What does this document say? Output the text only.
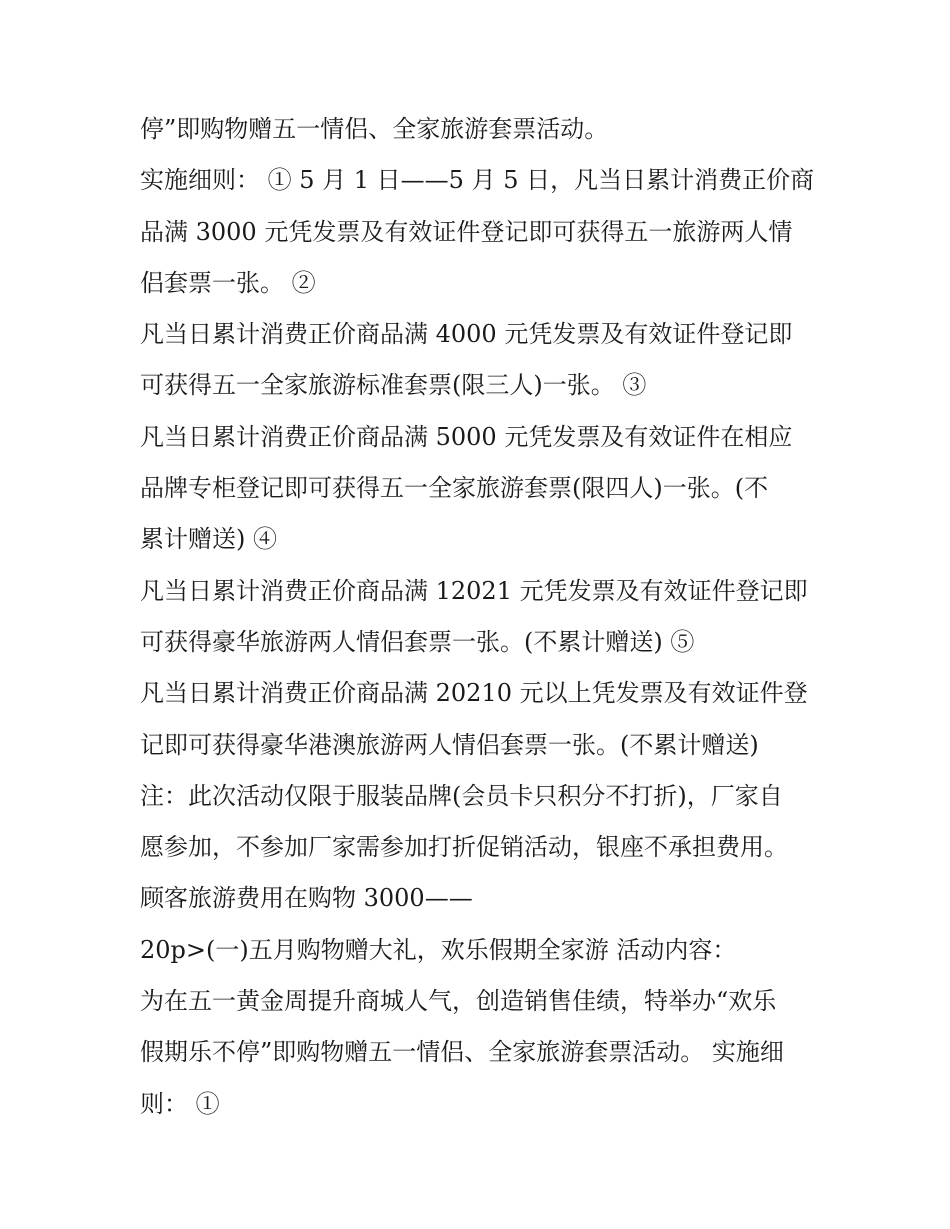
停”即购物赠五一情侣、全家旅游套票活动。
实施细则： ① 5 月 1 日——5 月 5 日，凡当日累计消费正价商
品满 3000 元凭发票及有效证件登记即可获得五一旅游两人情
侣套票一张。 ②
凡当日累计消费正价商品满 4000 元凭发票及有效证件登记即
可获得五一全家旅游标准套票(限三人)一张。 ③
凡当日累计消费正价商品满 5000 元凭发票及有效证件在相应
品牌专柜登记即可获得五一全家旅游套票(限四人)一张。(不
累计赠送) ④
凡当日累计消费正价商品满 12021 元凭发票及有效证件登记即
可获得豪华旅游两人情侣套票一张。(不累计赠送) ⑤
凡当日累计消费正价商品满 20210 元以上凭发票及有效证件登
记即可获得豪华港澳旅游两人情侣套票一张。(不累计赠送)
注：此次活动仅限于服装品牌(会员卡只积分不打折)，厂家自
愿参加，不参加厂家需参加打折促销活动，银座不承担费用。
顾客旅游费用在购物 3000——
20p>(一)五月购物赠大礼，欢乐假期全家游 活动内容：
为在五一黄金周提升商城人气，创造销售佳绩，特举办“欢乐
假期乐不停”即购物赠五一情侣、全家旅游套票活动。 实施细
则： ①
